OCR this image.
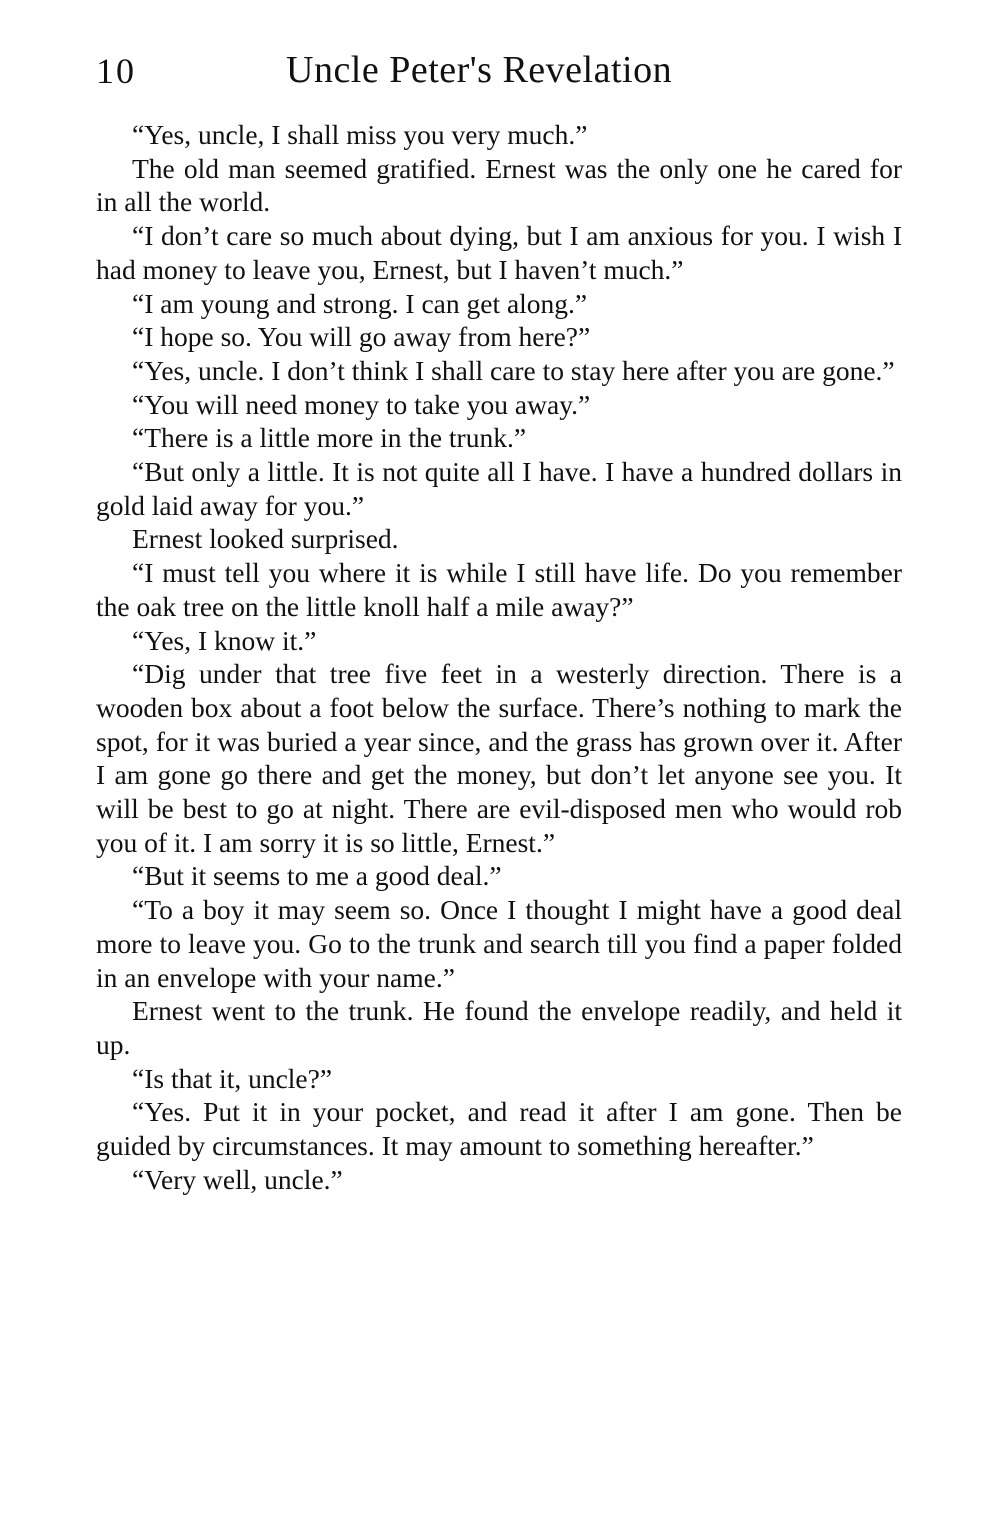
10	Uncle Peter's Revelation

“Yes, uncle, I shall miss you very much.”

The old man seemed gratified. Ernest was the only one he cared for in all the world.

“I don’t care so much about dying, but I am anxious for you. I wish I had money to leave you, Ernest, but I haven’t much.”

“I am young and strong. I can get along.”

“I hope so. You will go away from here?”

“Yes, uncle. I don’t think I shall care to stay here after you are gone.”

“You will need money to take you away.”

“There is a little more in the trunk.”

“But only a little. It is not quite all I have. I have a hundred dollars in gold laid away for you.”

Ernest looked surprised.

“I must tell you where it is while I still have life. Do you remember the oak tree on the little knoll half a mile away?”

“Yes, I know it.”

“Dig under that tree five feet in a westerly direction. There is a wooden box about a foot below the surface. There’s nothing to mark the spot, for it was buried a year since, and the grass has grown over it. After I am gone go there and get the money, but don’t let anyone see you. It will be best to go at night. There are evil-disposed men who would rob you of it. I am sorry it is so little, Ernest.”

“But it seems to me a good deal.”

“To a boy it may seem so. Once I thought I might have a good deal more to leave you. Go to the trunk and search till you find a paper folded in an envelope with your name.”

Ernest went to the trunk. He found the envelope readily, and held it up.

“Is that it, uncle?”

“Yes. Put it in your pocket, and read it after I am gone. Then be guided by circumstances. It may amount to something hereafter.”

“Very well, uncle.”
